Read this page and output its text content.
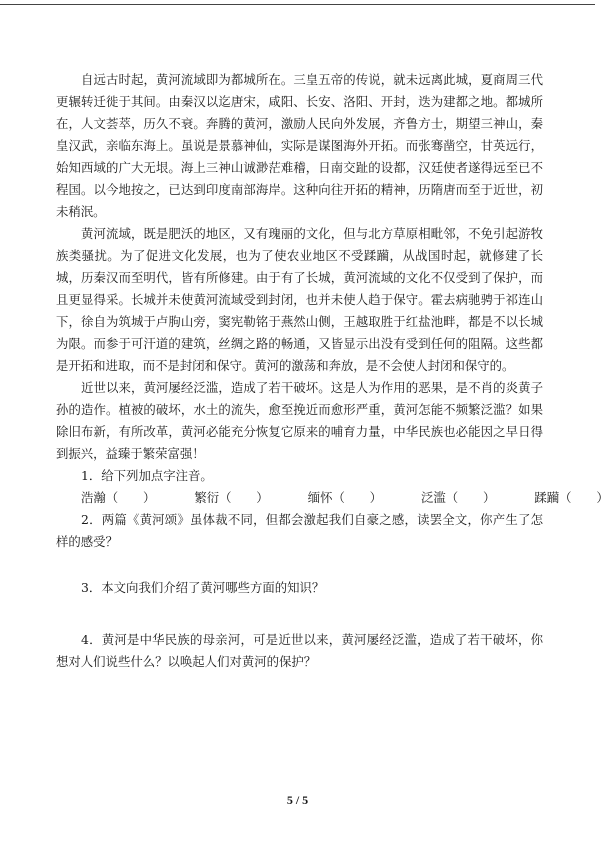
自远古时起，黄河流域即为都城所在。三皇五帝的传说，就未远离此城，夏商周三代更辗转迁徙于其间。由秦汉以迄唐宋，咸阳、长安、洛阳、开封，迭为建都之地。都城所在，人文荟萃，历久不衰。奔腾的黄河，激励人民向外发展，齐鲁方士，期望三神山，秦皇汉武，亲临东海上。虽说是景慕神仙，实际是谋图海外开拓。而张骞凿空，甘英远行，始知西域的广大无垠。海上三神山诚渺茫难稽，日南交趾的设都，汉廷使者遂得远至已不程国。以今地按之，已达到印度南部海岸。这种向往开拓的精神，历隋唐而至于近世，初未稍泯。

黄河流域，既是肥沃的地区，又有瑰丽的文化，但与北方草原相毗邻，不免引起游牧族类骚扰。为了促进文化发展，也为了使农业地区不受蹂躏，从战国时起，就修建了长城，历秦汉而至明代，皆有所修建。由于有了长城，黄河流域的文化不仅受到了保护，而且更显得采。长城并未使黄河流域受到封闭，也并未使人趋于保守。霍去病驰骋于祁连山下，徐自为筑城于卢朐山旁，窦宪勒铭于燕然山侧，王越取胜于红盐池畔，都是不以长城为限。而参于可汗道的建筑，丝绸之路的畅通，又皆显示出没有受到任何的阻隔。这些都是开拓和进取，而不是封闭和保守。黄河的激荡和奔放，是不会使人封闭和保守的。

近世以来，黄河屡经泛滥，造成了若干破坏。这是人为作用的恶果，是不肖的炎黄子孙的造作。植被的破坏，水土的流失，愈至挽近而愈形严重，黄河怎能不频繁泛滥？如果除旧布新，有所改革，黄河必能充分恢复它原来的哺育力量，中华民族也必能因之早日得到振兴，益臻于繁荣富强！

1．给下列加点字注音。

浩瀚（　　）	繁衍（　　）	缅怀（　　）	泛滥（　　）	蹂躏（　　）

2．两篇《黄河颂》虽体裁不同，但都会激起我们自豪之感，读罢全文，你产生了怎样的感受？

3．本文向我们介绍了黄河哪些方面的知识？

4．黄河是中华民族的母亲河，可是近世以来，黄河屡经泛滥，造成了若干破坏，你想对人们说些什么？以唤起人们对黄河的保护？

5 / 5
